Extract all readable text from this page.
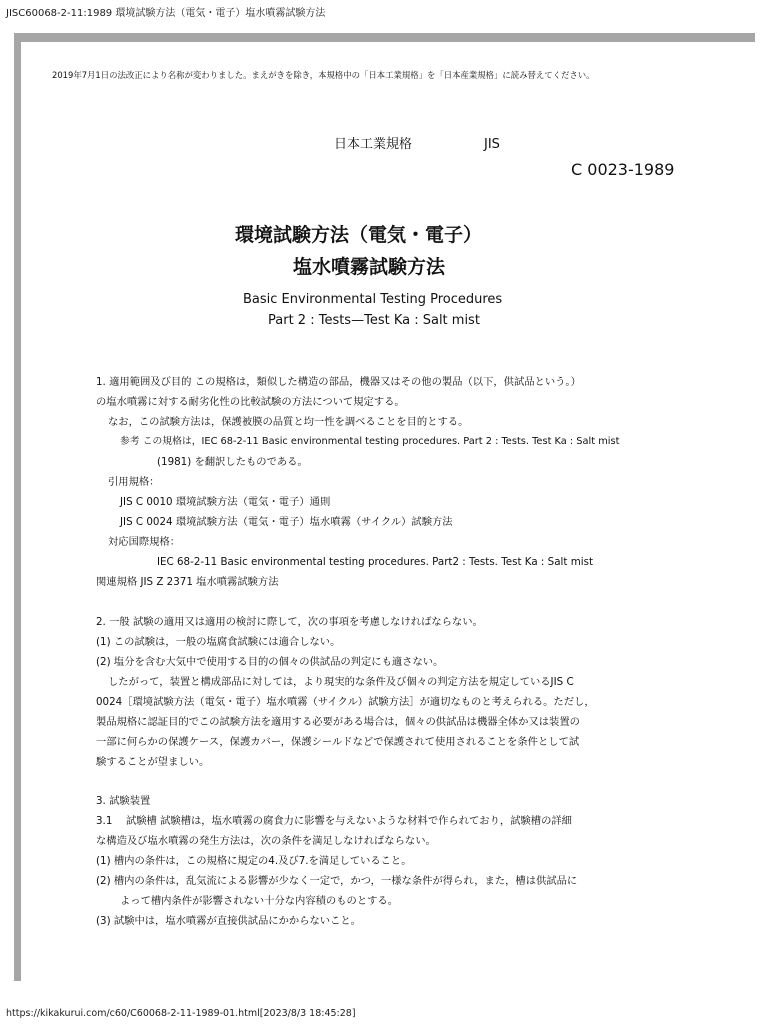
JISC60068-2-11:1989 環境試験方法（電気・電子）塩水噴霧試験方法
2019年7月1日の法改正により名称が変わりました。まえがきを除き，本規格中の「日本工業規格」を「日本産業規格」に読み替えてください。
日本工業規格	JIS
C 0023-1989
環境試験方法（電気・電子）
塩水噴霧試験方法
Basic Environmental Testing Procedures
Part 2 : Tests—Test Ka : Salt mist
1. 適用範囲及び目的 この規格は，類似した構造の部品，機器又はその他の製品（以下，供試品という。）
の塩水噴霧に対する耐劣化性の比較試験の方法について規定する。
なお，この試験方法は，保護被膜の品質と均一性を調べることを目的とする。
参考 この規格は，IEC 68-2-11 Basic environmental testing procedures. Part 2 : Tests. Test Ka : Salt mist
(1981) を翻訳したものである。
引用規格：
JIS C 0010 環境試験方法（電気・電子）通則
JIS C 0024 環境試験方法（電気・電子）塩水噴霧（サイクル）試験方法
対応国際規格：
IEC 68-2-11 Basic environmental testing procedures. Part2 : Tests. Test Ka : Salt mist
関連規格 JIS Z 2371 塩水噴霧試験方法
2. 一般 試験の適用又は適用の検討に際して，次の事項を考慮しなければならない。
(1) この試験は，一般の塩腐食試験には適合しない。
(2) 塩分を含む大気中で使用する目的の個々の供試品の判定にも適さない。
したがって，装置と構成部品に対しては，より現実的な条件及び個々の判定方法を規定しているJIS C
0024［環境試験方法（電気・電子）塩水噴霧（サイクル）試験方法］が適切なものと考えられる。ただし，
製品規格に認証目的でこの試験方法を適用する必要がある場合は，個々の供試品は機器全体か又は装置の
一部に何らかの保護ケース，保護カバー，保護シールドなどで保護されて使用されることを条件として試
験することが望ましい。
3. 試験装置
3.1　 試験槽 試験槽は，塩水噴霧の腐食力に影響を与えないような材料で作られており，試験槽の詳細
な構造及び塩水噴霧の発生方法は，次の条件を満足しなければならない。
(1) 槽内の条件は，この規格に規定の4.及び7.を満足していること。
(2) 槽内の条件は，乱気流による影響が少なく一定で，かつ，一様な条件が得られ，また，槽は供試品に
よって槽内条件が影響されない十分な内容積のものとする。
(3) 試験中は，塩水噴霧が直接供試品にかからないこと。
https://kikakurui.com/c60/C60068-2-11-1989-01.html[2023/8/3 18:45:28]
